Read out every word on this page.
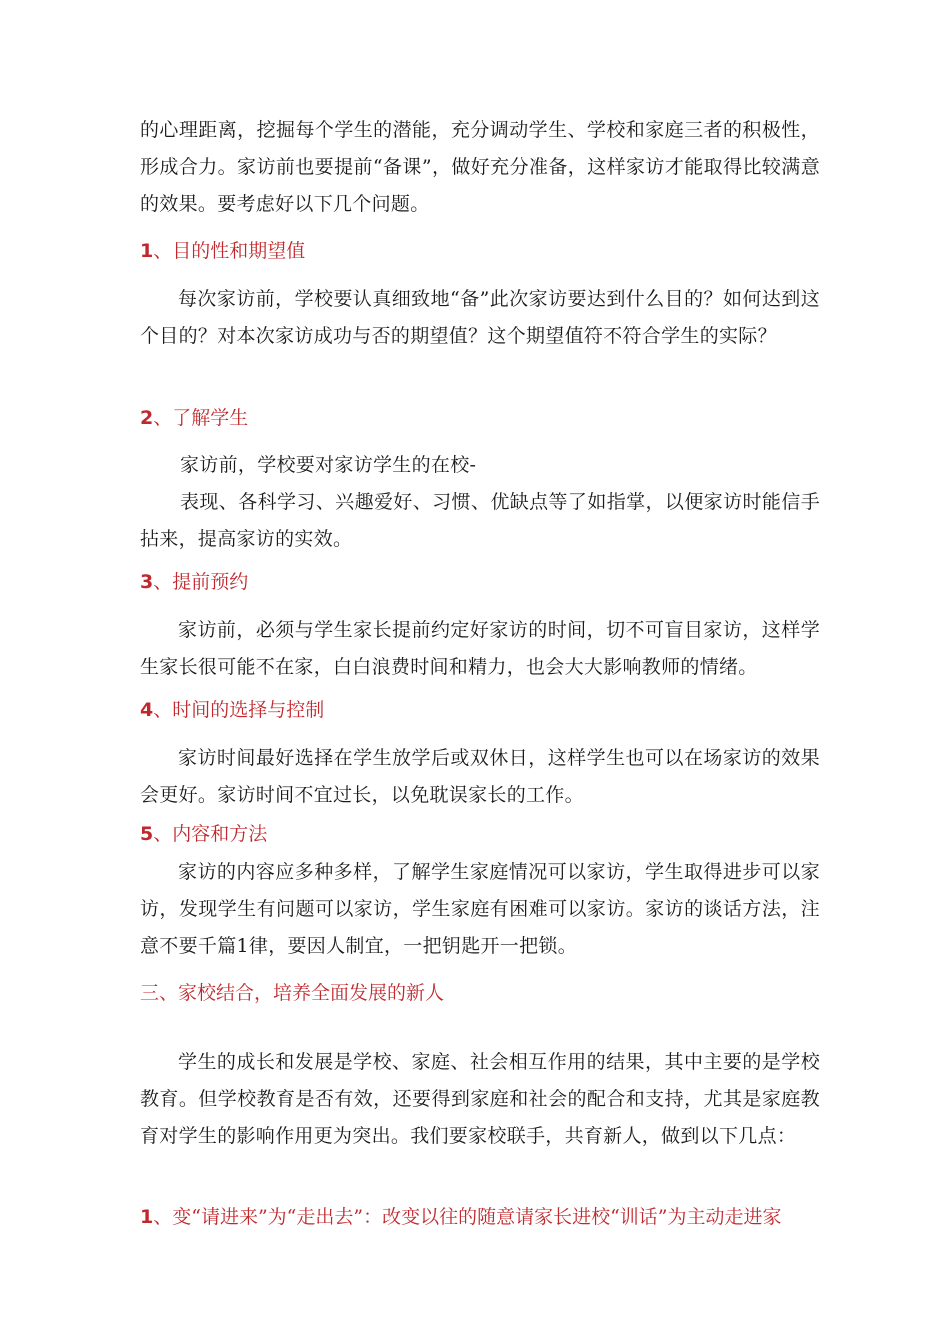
的心理距离，挖掘每个学生的潜能，充分调动学生、学校和家庭三者的积极性，形成合力。家访前也要提前“备课”，做好充分准备，这样家访才能取得比较满意的效果。要考虑好以下几个问题。

1、目的性和期望值

每次家访前，学校要认真细致地“备”此次家访要达到什么目的？如何达到这个目的？对本次家访成功与否的期望值？这个期望值符不符合学生的实际？

2、了解学生

家访前，学校要对家访学生的在校-

表现、各科学习、兴趣爱好、习惯、优缺点等了如指掌，以便家访时能信手拈来，提高家访的实效。

3、提前预约

家访前，必须与学生家长提前约定好家访的时间，切不可盲目家访，这样学生家长很可能不在家，白白浪费时间和精力，也会大大影响教师的情绪。

4、时间的选择与控制

家访时间最好选择在学生放学后或双休日，这样学生也可以在场家访的效果会更好。家访时间不宜过长，以免耽误家长的工作。

5、内容和方法

家访的内容应多种多样，了解学生家庭情况可以家访，学生取得进步可以家访，发现学生有问题可以家访，学生家庭有困难可以家访。家访的谈话方法，注意不要千篇1律，要因人制宜，一把钥匙开一把锁。

三、家校结合，培养全面发展的新人

学生的成长和发展是学校、家庭、社会相互作用的结果，其中主要的是学校教育。但学校教育是否有效，还要得到家庭和社会的配合和支持，尤其是家庭教育对学生的影响作用更为突出。我们要家校联手，共育新人，做到以下几点：

1、变“请进来”为“走出去”：改变以往的随意请家长进校“训话”为主动走进家
